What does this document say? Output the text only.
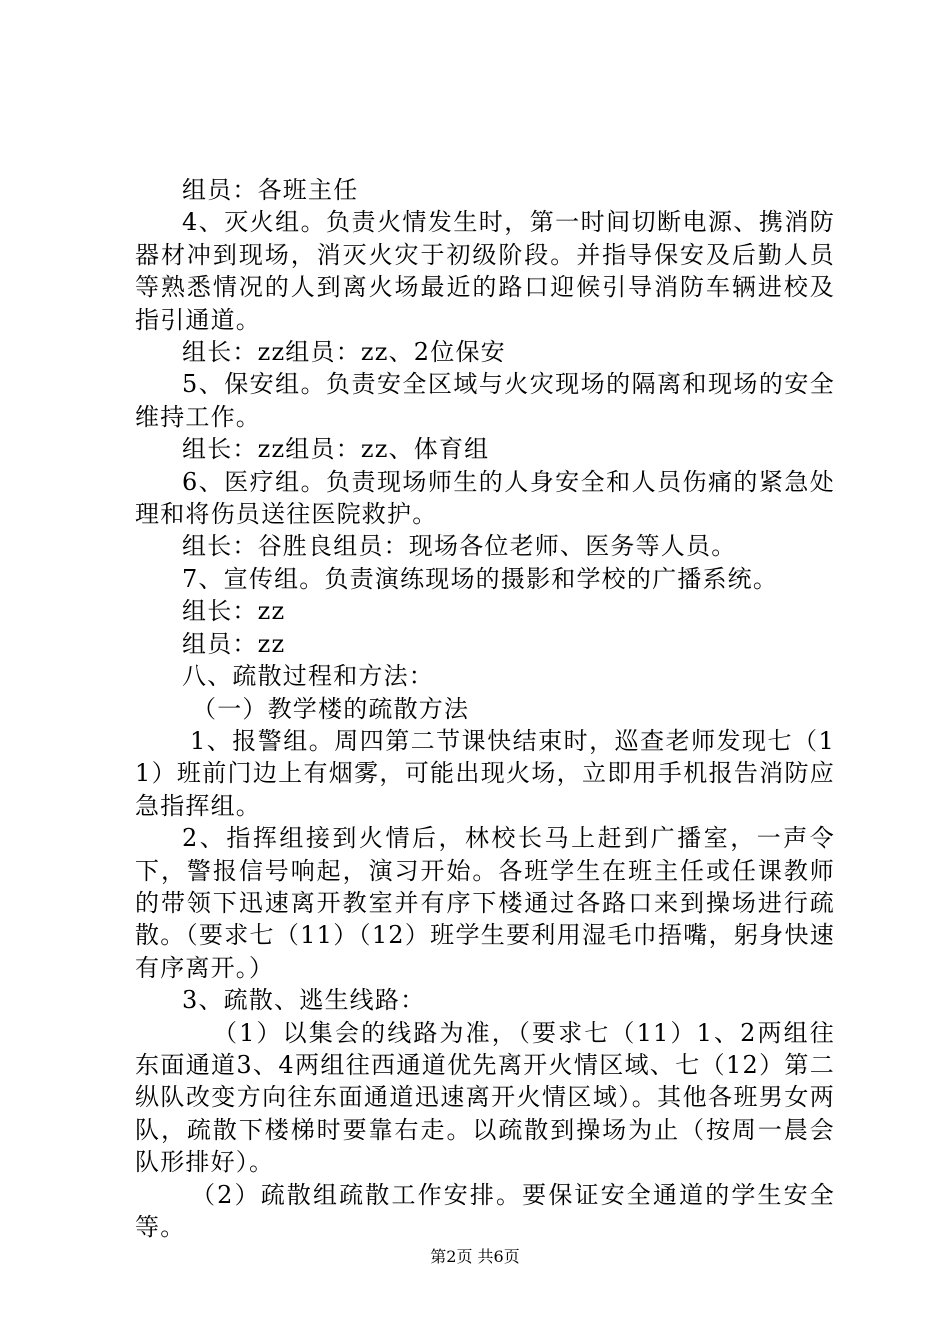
组员：各班主任

4、灭火组。负责火情发生时，第一时间切断电源、携消防器材冲到现场，消灭火灾于初级阶段。并指导保安及后勤人员等熟悉情况的人到离火场最近的路口迎候引导消防车辆进校及指引通道。

组长：zz组员：zz、2位保安

5、保安组。负责安全区域与火灾现场的隔离和现场的安全维持工作。

组长：zz组员：zz、体育组

6、医疗组。负责现场师生的人身安全和人员伤痛的紧急处理和将伤员送往医院救护。

组长：谷胜良组员：现场各位老师、医务等人员。

7、宣传组。负责演练现场的摄影和学校的广播系统。

组长：zz

组员：zz

八、疏散过程和方法：

（一）教学楼的疏散方法

1、报警组。周四第二节课快结束时，巡查老师发现七（11）班前门边上有烟雾，可能出现火场，立即用手机报告消防应急指挥组。

2、指挥组接到火情后，林校长马上赶到广播室，一声令下，警报信号响起，演习开始。各班学生在班主任或任课教师的带领下迅速离开教室并有序下楼通过各路口来到操场进行疏散。（要求七（11）（12）班学生要利用湿毛巾捂嘴，躬身快速有序离开。）

3、疏散、逃生线路：

（1）以集会的线路为准，（要求七（11）1、2两组往东面通道3、4两组往西通道优先离开火情区域、七（12）第二纵队改变方向往东面通道迅速离开火情区域）。其他各班男女两队，疏散下楼梯时要靠右走。以疏散到操场为止（按周一晨会队形排好）。

（2）疏散组疏散工作安排。要保证安全通道的学生安全等。

第2页 共6页
